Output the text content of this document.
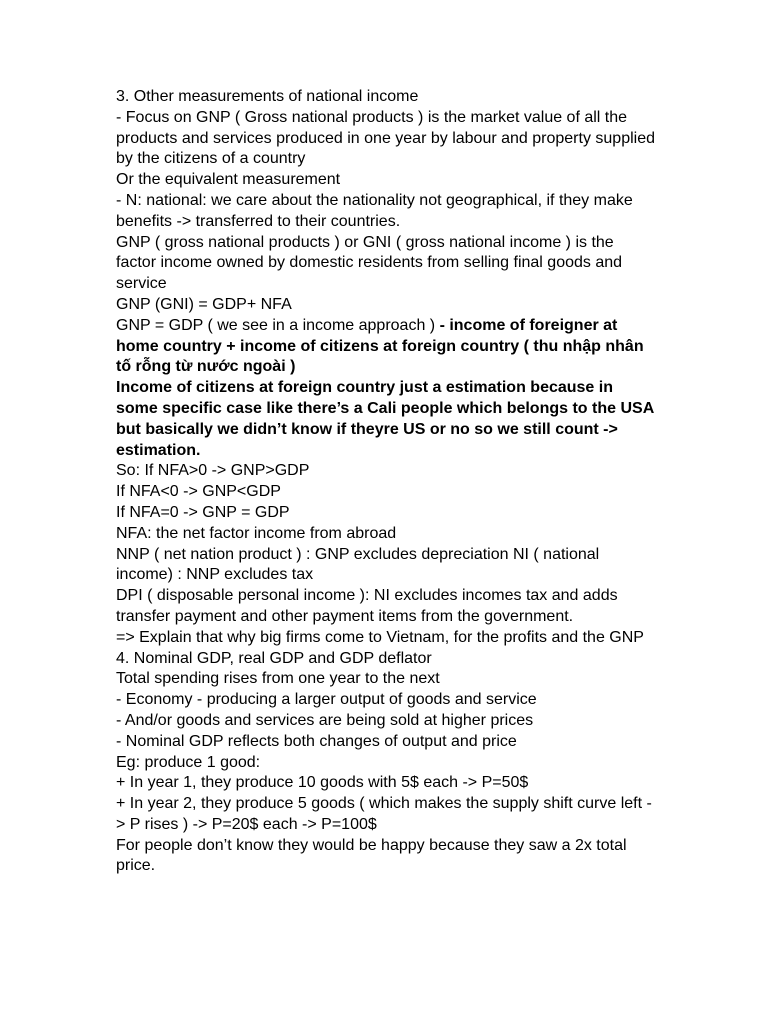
3. Other measurements of national income

- Focus on GNP ( Gross national products ) is the market value of all the products and services produced in one year by labour and property supplied by the citizens of a country

Or the equivalent measurement

- N: national: we care about the nationality not geographical, if they make benefits -> transferred to their countries.

GNP ( gross national products ) or GNI ( gross national income ) is the factor income owned by domestic residents from selling final goods and service

GNP (GNI) = GDP+ NFA

GNP = GDP ( we see in a income approach ) - income of foreigner at home country + income of citizens at foreign country ( thu nhập nhân tố rỗng từ nước ngoài )

Income of citizens at foreign country just a estimation because in some specific case like there’s a Cali people which belongs to the USA but basically we didn’t know if theyre US or no so we still count -> estimation.

So: If NFA>0 -> GNP>GDP

If NFA<0 -> GNP<GDP

If NFA=0 -> GNP = GDP

NFA: the net factor income from abroad

NNP ( net nation product ) : GNP excludes depreciation NI ( national income) : NNP excludes tax

DPI ( disposable personal income ): NI excludes incomes tax and adds transfer payment and other payment items from the government.

=> Explain that why big firms come to Vietnam, for the profits and the GNP

4. Nominal GDP, real GDP and GDP deflator

Total spending rises from one year to the next

- Economy - producing a larger output of goods and service

- And/or goods and services are being sold at higher prices

- Nominal GDP reflects both changes of output and price

Eg: produce 1 good:

+ In year 1, they produce 10 goods with 5$ each -> P=50$

+ In year 2, they produce 5 goods ( which makes the supply shift curve left -> P rises ) -> P=20$ each -> P=100$

For people don’t know they would be happy because they saw a 2x total price.
